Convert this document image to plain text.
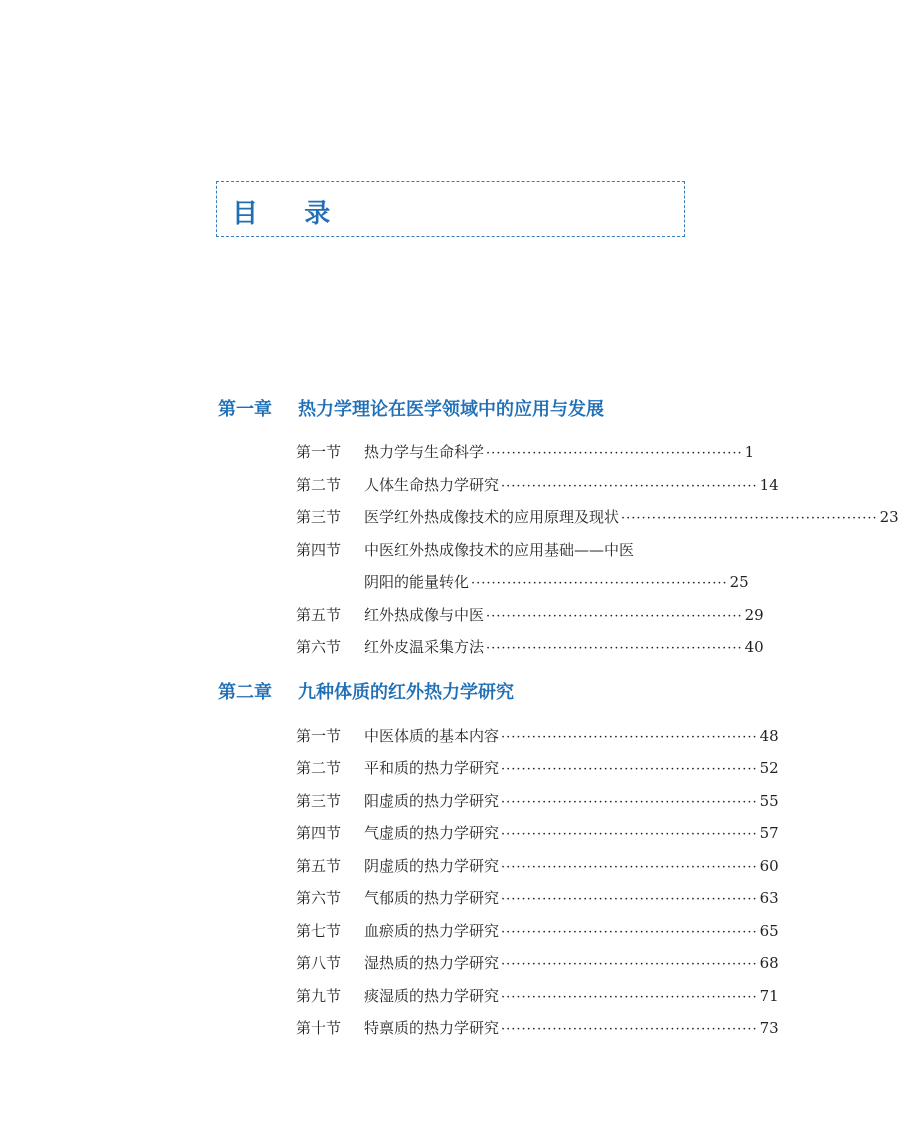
目    录
第一章 热力学理论在医学领域中的应用与发展
第一节 热力学与生命科学 ·················································· 1
第二节 人体生命热力学研究 ·················································· 14
第三节 医学红外热成像技术的应用原理及现状 ·················································· 23
第四节 中医红外热成像技术的应用基础——中医
阴阳的能量转化 ·················································· 25
第五节 红外热成像与中医 ·················································· 29
第六节 红外皮温采集方法 ·················································· 40
第二章 九种体质的红外热力学研究
第一节 中医体质的基本内容 ·················································· 48
第二节 平和质的热力学研究 ·················································· 52
第三节 阳虚质的热力学研究 ·················································· 55
第四节 气虚质的热力学研究 ·················································· 57
第五节 阴虚质的热力学研究 ·················································· 60
第六节 气郁质的热力学研究 ·················································· 63
第七节 血瘀质的热力学研究 ·················································· 65
第八节 湿热质的热力学研究 ·················································· 68
第九节 痰湿质的热力学研究 ·················································· 71
第十节 特禀质的热力学研究 ·················································· 73
